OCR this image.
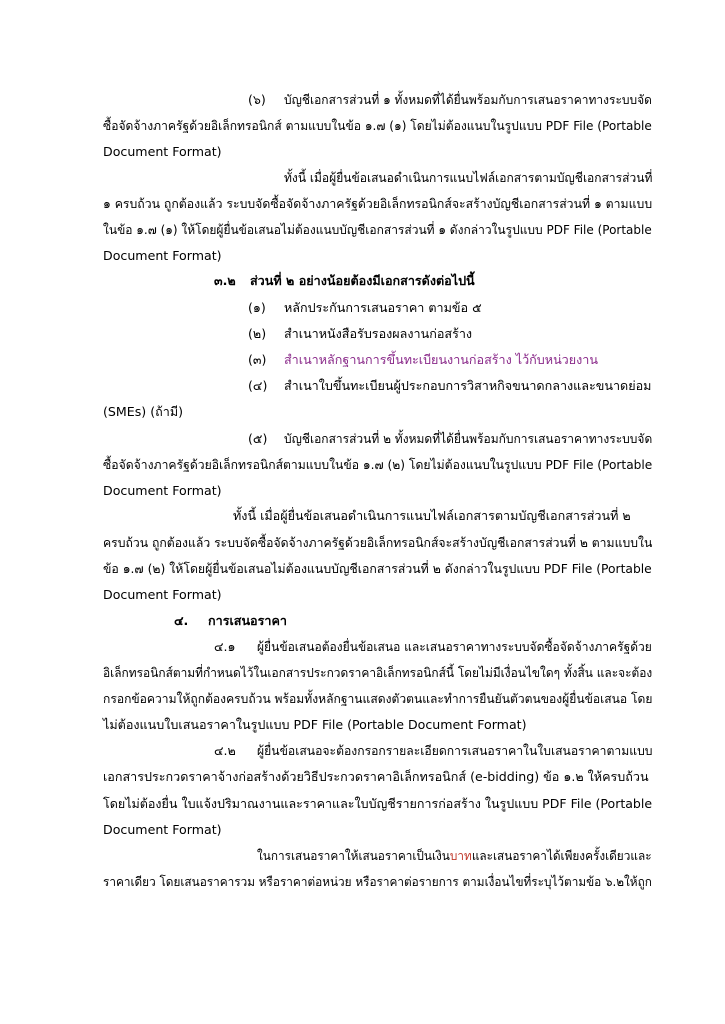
(๖) บัญชีเอกสารส่วนที่ ๑ ทั้งหมดที่ได้ยื่นพร้อมกับการเสนอราคาทางระบบจัด
ซื้อจัดจ้างภาครัฐด้วยอิเล็กทรอนิกส์ ตามแบบในข้อ ๑.๗ (๑) โดยไม่ต้องแนบในรูปแบบ PDF File (Portable
Document Format)
ทั้งนี้ เมื่อผู้ยื่นข้อเสนอดำเนินการแนบไฟล์เอกสารตามบัญชีเอกสารส่วนที่
๑ ครบถ้วน ถูกต้องแล้ว ระบบจัดซื้อจัดจ้างภาครัฐด้วยอิเล็กทรอนิกส์จะสร้างบัญชีเอกสารส่วนที่ ๑ ตามแบบ
ในข้อ ๑.๗ (๑) ให้โดยผู้ยื่นข้อเสนอไม่ต้องแนบบัญชีเอกสารส่วนที่ ๑ ดังกล่าวในรูปแบบ PDF File (Portable
Document Format)
๓.๒ ส่วนที่ ๒ อย่างน้อยต้องมีเอกสารดังต่อไปนี้
(๑) หลักประกันการเสนอราคา ตามข้อ ๕
(๒) สำเนาหนังสือรับรองผลงานก่อสร้าง
(๓) สำเนาหลักฐานการขึ้นทะเบียนงานก่อสร้าง ไว้กับหน่วยงาน
(๔) สำเนาใบขึ้นทะเบียนผู้ประกอบการวิสาหกิจขนาดกลางและขนาดย่อม
(SMEs) (ถ้ามี)
(๕) บัญชีเอกสารส่วนที่ ๒ ทั้งหมดที่ได้ยื่นพร้อมกับการเสนอราคาทางระบบจัด
ซื้อจัดจ้างภาครัฐด้วยอิเล็กทรอนิกส์ตามแบบในข้อ ๑.๗ (๒) โดยไม่ต้องแนบในรูปแบบ PDF File (Portable
Document Format)
ทั้งนี้ เมื่อผู้ยื่นข้อเสนอดำเนินการแนบไฟล์เอกสารตามบัญชีเอกสารส่วนที่ ๒
ครบถ้วน ถูกต้องแล้ว ระบบจัดซื้อจัดจ้างภาครัฐด้วยอิเล็กทรอนิกส์จะสร้างบัญชีเอกสารส่วนที่ ๒ ตามแบบใน
ข้อ ๑.๗ (๒) ให้โดยผู้ยื่นข้อเสนอไม่ต้องแนบบัญชีเอกสารส่วนที่ ๒ ดังกล่าวในรูปแบบ PDF File (Portable
Document Format)
๔. การเสนอราคา
๔.๑ ผู้ยื่นข้อเสนอต้องยื่นข้อเสนอ และเสนอราคาทางระบบจัดซื้อจัดจ้างภาครัฐด้วย
อิเล็กทรอนิกส์ตามที่กำหนดไว้ในเอกสารประกวดราคาอิเล็กทรอนิกส์นี้ โดยไม่มีเงื่อนไขใดๆ ทั้งสิ้น และจะต้อง
กรอกข้อความให้ถูกต้องครบถ้วน พร้อมทั้งหลักฐานแสดงตัวตนและทำการยืนยันตัวตนของผู้ยื่นข้อเสนอ โดย
ไม่ต้องแนบใบเสนอราคาในรูปแบบ PDF File (Portable Document Format)
๔.๒ ผู้ยื่นข้อเสนอจะต้องกรอกรายละเอียดการเสนอราคาในใบเสนอราคาตามแบบ
เอกสารประกวดราคาจ้างก่อสร้างด้วยวิธีประกวดราคาอิเล็กทรอนิกส์ (e-bidding) ข้อ ๑.๒ ให้ครบถ้วน
โดยไม่ต้องยื่น ใบแจ้งปริมาณงานและราคาและใบบัญชีรายการก่อสร้าง ในรูปแบบ PDF File (Portable
Document Format)
ในการเสนอราคาให้เสนอราคาเป็นเงินบาทและเสนอราคาได้เพียงครั้งเดียวและ
ราคาเดียว โดยเสนอราคารวม หรือราคาต่อหน่วย หรือราคาต่อรายการ ตามเงื่อนไขที่ระบุไว้ตามข้อ ๖.๒ให้ถูก
